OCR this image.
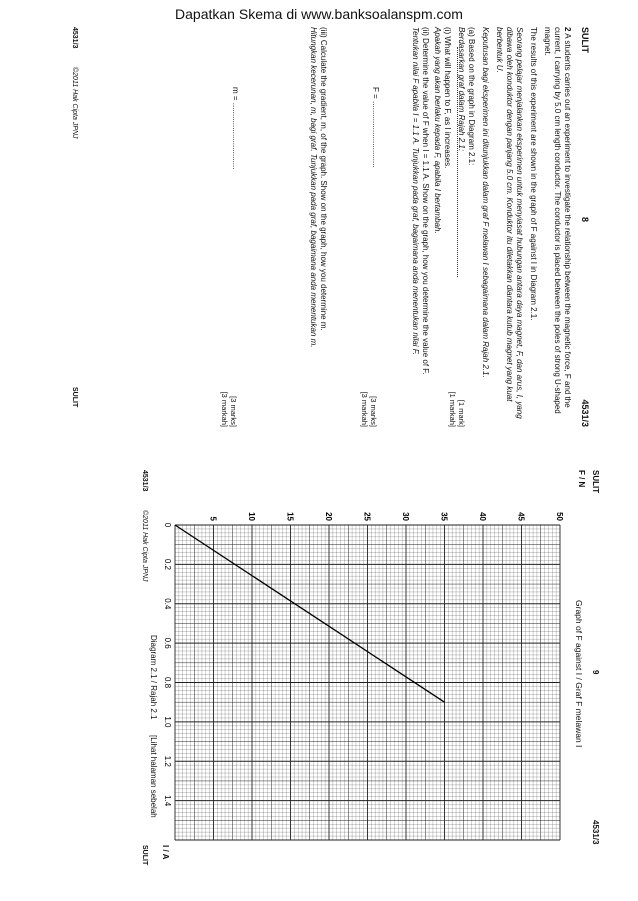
Dapatkan Skema di www.banksoalanspm.com
SULIT
8
4531/3

2 A students carries out an experiment to investigate the relationship between the magnetic force, F and the current, I carrying by 5.0 cm length conductor. The conductor is placed between the poles of strong U-shaped magnet.

The results of this experiment are shown in the graph of F against I in Diagram 2.1.

Seorang pelajar menjalankan eksperimen untuk menyiasat hubungan antara daya magnet, F, dan arus, I, yang dibawa oleh konduktor dengan panjang 5.0 cm. Konduktor itu diletakkan diantara kutub magnet yang kuat berbentuk U.

Keputusan bagi eksperimen ini ditunjukkan dalam graf F melawan I sebagaimana dalam Rajah 2.1.

(a) Based on the graph in Diagram 2.1:
Berdasarkan graf dalam Rajah 2.1:

(i) What will happen to F, as I increases.
Apakah yang akan berlaku kepada F, apabila I bertambah.

[1 mark]
[1 markah]
(ii) Determine the value of F when I = 1.1 A. Show on the graph, how you determine the value of F.
Tentukan nilai F apabila I = 1.1 A. Tunjukkan pada graf, bagaimana anda menentukan nilai F.
F = ..............................
[3 marks]
[3 markah]
(iii) Calculate the gradient, m, of the graph. Show on the graph, how you determine m.
Hitungkan kecerunan, m, bagi graf. Tunjukkan pada graf, bagaimana anda menentukan m.
m = ..............................
[3 marks]
[3 markah]
4531/3
©2011 Hak Cipta JPNJ
SULIT
SULIT
9
4531/3
F / N
Graph of F against I / Graf F melawan I
0
0.2
0.4
0.6
0.8
1.0
1.2
1.4
5	10	15	20	25	30	35	40	45	50
Diagram 2.1 / Rajah 2.1
[Lihat halaman sebelah
I / A
4531/3
©2011 Hak Cipta JPNJ
SULIT
